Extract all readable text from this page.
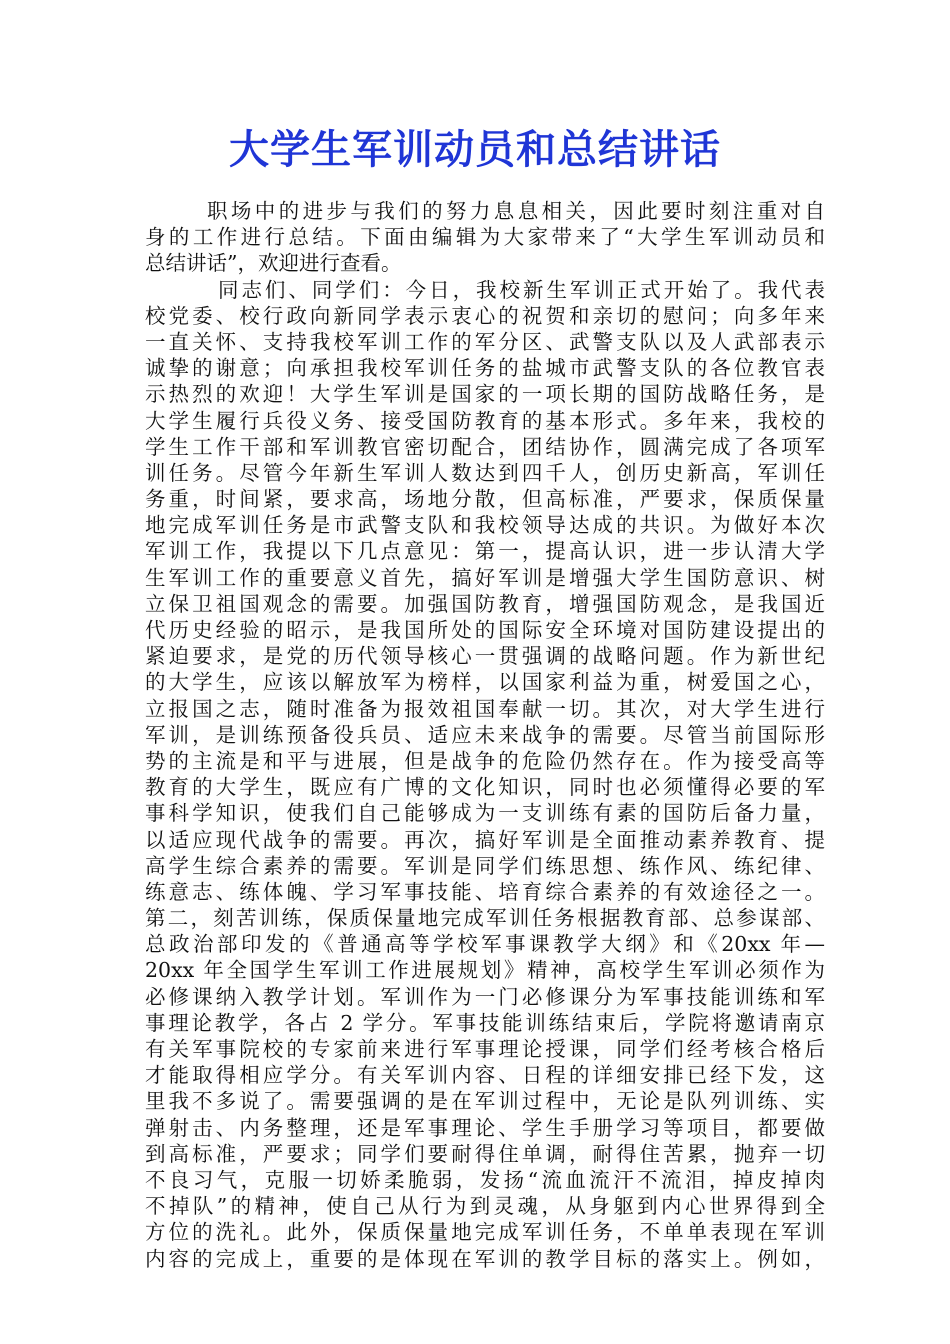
大学生军训动员和总结讲话
职场中的进步与我们的努力息息相关，因此要时刻注重对自
身的工作进行总结。下面由编辑为大家带来了“大学生军训动员和
总结讲话”，欢迎进行查看。
同志们、同学们：今日，我校新生军训正式开始了。我代表
校党委、校行政向新同学表示衷心的祝贺和亲切的慰问；向多年来
一直关怀、支持我校军训工作的军分区、武警支队以及人武部表示
诚挚的谢意；向承担我校军训任务的盐城市武警支队的各位教官表
示热烈的欢迎！大学生军训是国家的一项长期的国防战略任务，是
大学生履行兵役义务、接受国防教育的基本形式。多年来，我校的
学生工作干部和军训教官密切配合，团结协作，圆满完成了各项军
训任务。尽管今年新生军训人数达到四千人，创历史新高，军训任
务重，时间紧，要求高，场地分散，但高标准，严要求，保质保量
地完成军训任务是市武警支队和我校领导达成的共识。为做好本次
军训工作，我提以下几点意见：第一，提高认识，进一步认清大学
生军训工作的重要意义首先，搞好军训是增强大学生国防意识、树
立保卫祖国观念的需要。加强国防教育，增强国防观念，是我国近
代历史经验的昭示，是我国所处的国际安全环境对国防建设提出的
紧迫要求，是党的历代领导核心一贯强调的战略问题。作为新世纪
的大学生，应该以解放军为榜样，以国家利益为重，树爱国之心，
立报国之志，随时准备为报效祖国奉献一切。其次，对大学生进行
军训，是训练预备役兵员、适应未来战争的需要。尽管当前国际形
势的主流是和平与进展，但是战争的危险仍然存在。作为接受高等
教育的大学生，既应有广博的文化知识，同时也必须懂得必要的军
事科学知识，使我们自己能够成为一支训练有素的国防后备力量，
以适应现代战争的需要。再次，搞好军训是全面推动素养教育、提
高学生综合素养的需要。军训是同学们练思想、练作风、练纪律、
练意志、练体魄、学习军事技能、培育综合素养的有效途径之一。
第二，刻苦训练，保质保量地完成军训任务根据教育部、总参谋部、
总政治部印发的《普通高等学校军事课教学大纲》和《20xx 年—
20xx 年全国学生军训工作进展规划》精神，高校学生军训必须作为
必修课纳入教学计划。军训作为一门必修课分为军事技能训练和军
事理论教学，各占 2 学分。军事技能训练结束后，学院将邀请南京
有关军事院校的专家前来进行军事理论授课，同学们经考核合格后
才能取得相应学分。有关军训内容、日程的详细安排已经下发，这
里我不多说了。需要强调的是在军训过程中，无论是队列训练、实
弹射击、内务整理，还是军事理论、学生手册学习等项目，都要做
到高标准，严要求；同学们要耐得住单调，耐得住苦累，抛弃一切
不良习气，克服一切娇柔脆弱，发扬“流血流汗不流泪，掉皮掉肉
不掉队”的精神，使自己从行为到灵魂，从身躯到内心世界得到全
方位的洗礼。此外，保质保量地完成军训任务，不单单表现在军训
内容的完成上，重要的是体现在军训的教学目标的落实上。例如，
